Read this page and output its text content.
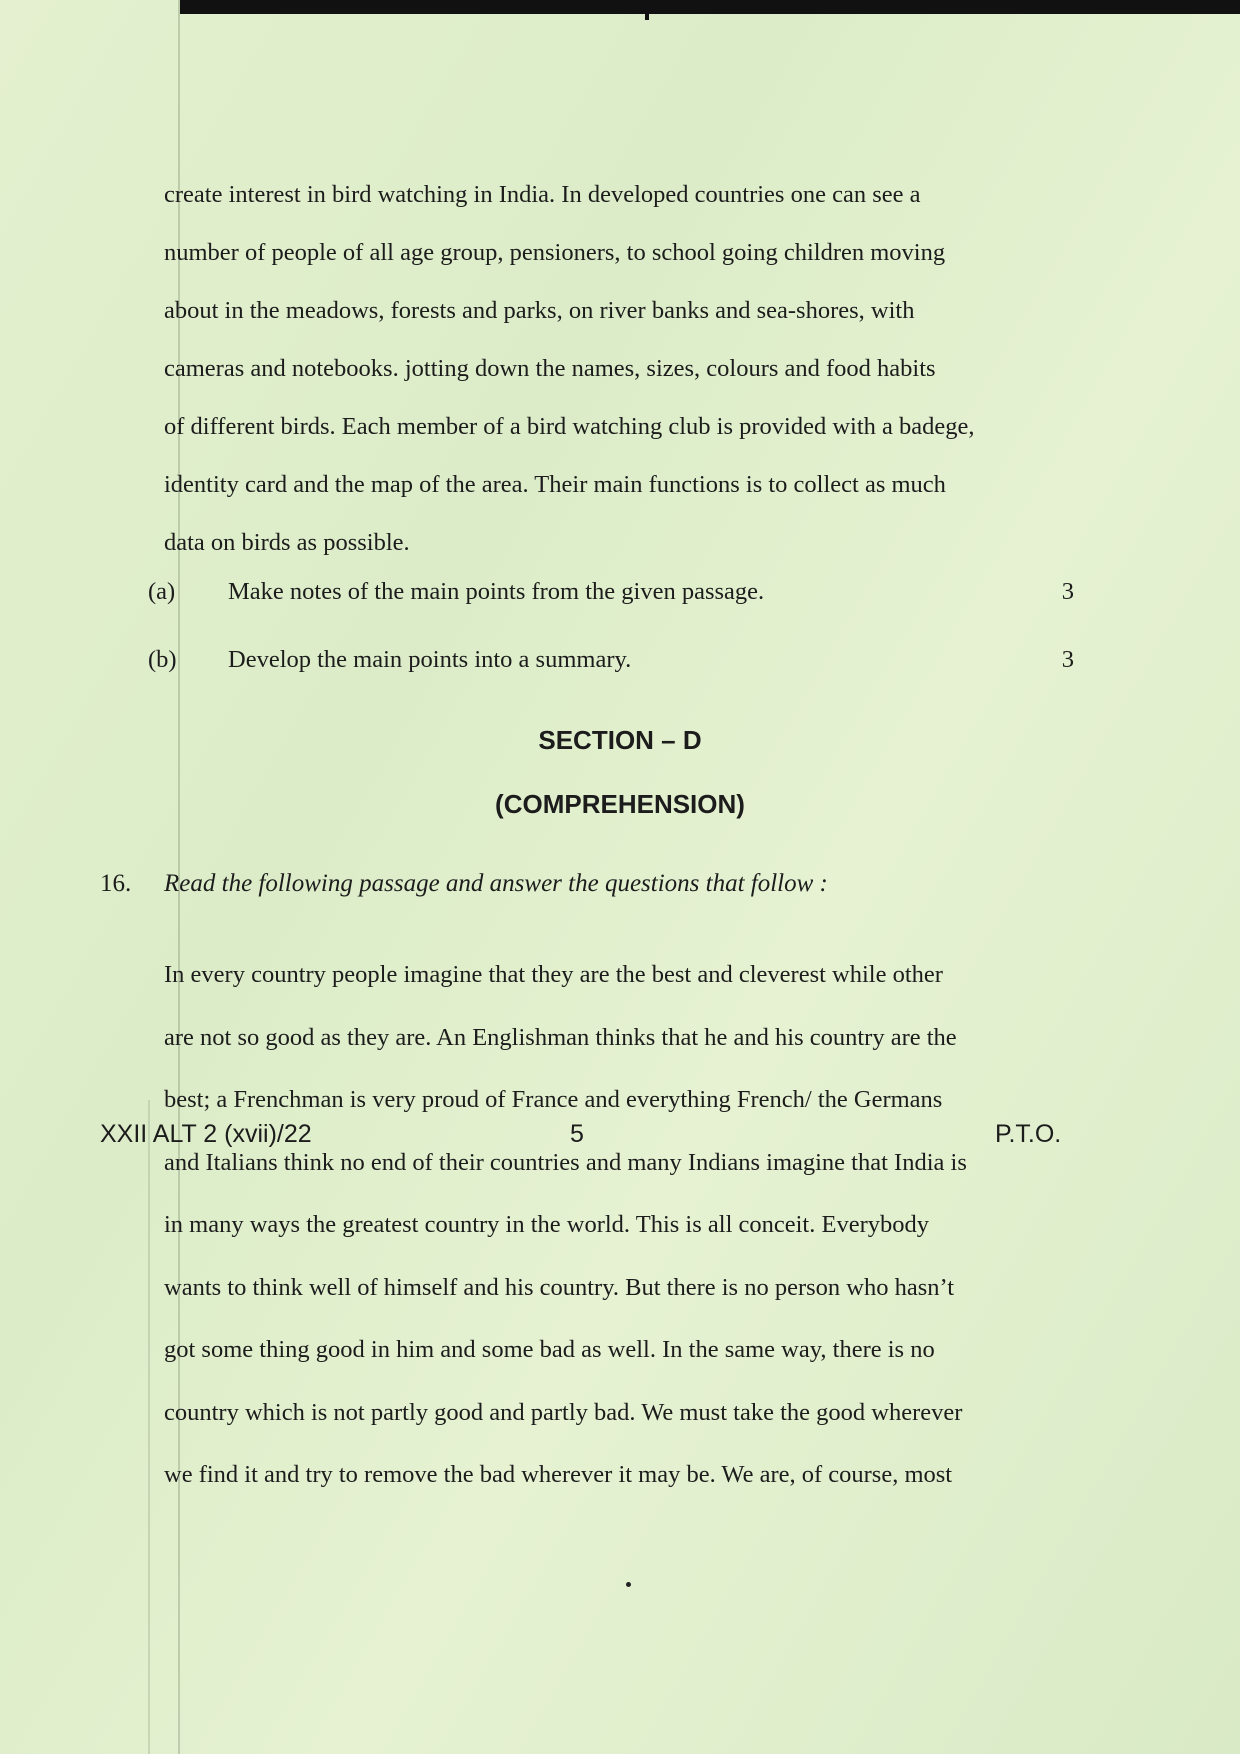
create interest in bird watching in India. In developed countries one can see a

number of people of all age group, pensioners, to school going children moving

about in the meadows, forests and parks, on river banks and sea-shores, with

cameras and notebooks. jotting down the names, sizes, colours and food habits

of different birds. Each member of a bird watching club is provided with a badege,

identity card and the map of the area. Their main functions is to collect as much

data on birds as possible.

(a) Make notes of the main points from the given passage.	3
(b) Develop the main points into a summary.	3
SECTION – D
(COMPREHENSION)
16. Read the following passage and answer the questions that follow :

In every country people imagine that they are the best and cleverest while other

are not so good as they are. An Englishman thinks that he and his country are the

best; a Frenchman is very proud of France and everything French/ the Germans

and Italians think no end of their countries and many Indians imagine that India is

in many ways the greatest country in the world. This is all conceit. Everybody

wants to think well of himself and his country. But there is no person who hasn’t

got some thing good in him and some bad as well. In the same way, there is no

country which is not partly good and partly bad. We must take the good wherever

we find it and try to remove the bad wherever it may be. We are, of course, most

XXII ALT 2 (xvii)/22	5	P.T.O.
